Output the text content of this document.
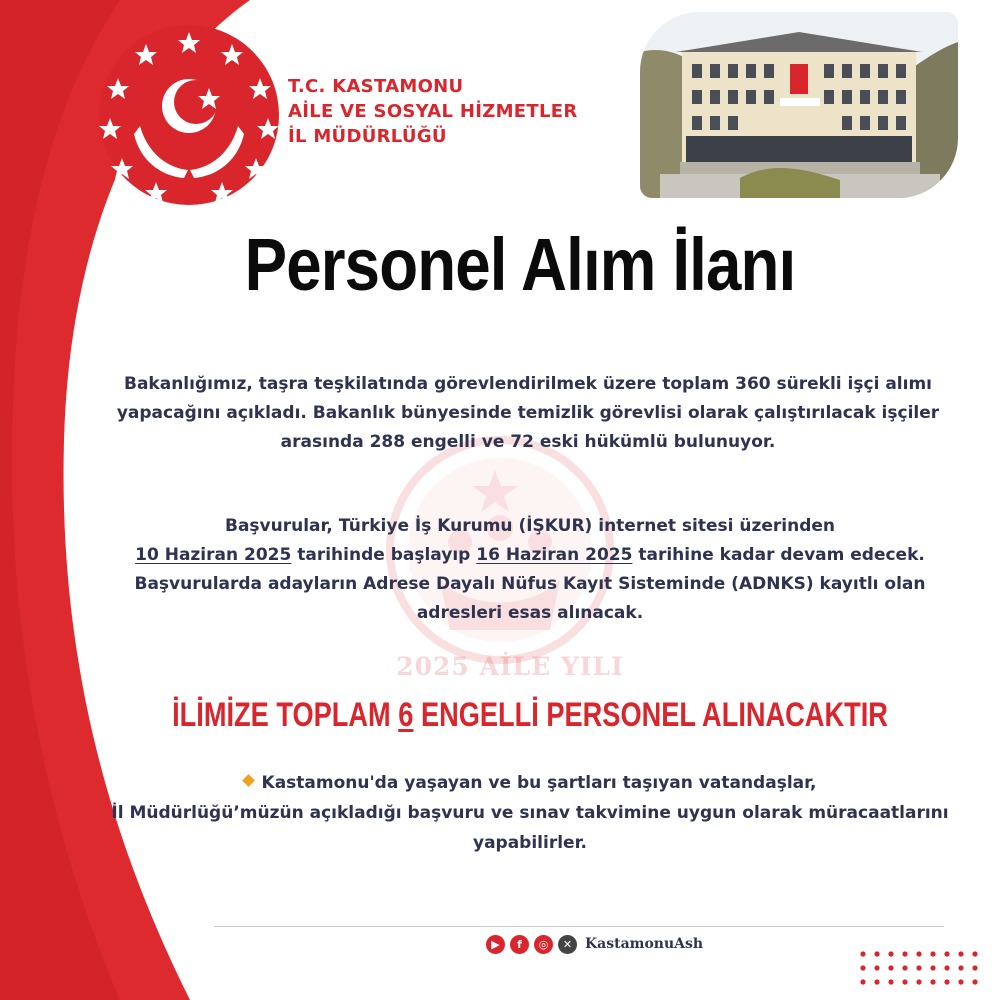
2025 AİLE YILI
T.C. KASTAMONU
AİLE VE SOSYAL HİZMETLER
İL MÜDÜRLÜĞÜ
Personel Alım İlanı
Bakanlığımız, taşra teşkilatında görevlendirilmek üzere toplam 360 sürekli işçi alımı yapacağını açıkladı. Bakanlık bünyesinde temizlik görevlisi olarak çalıştırılacak işçiler arasında 288 engelli ve 72 eski hükümlü bulunuyor.
Başvurular, Türkiye İş Kurumu (İŞKUR) internet sitesi üzerinden
10 Haziran 2025 tarihinde başlayıp 16 Haziran 2025 tarihine kadar devam edecek. Başvurularda adayların Adrese Dayalı Nüfus Kayıt Sisteminde (ADNKS) kayıtlı olan adresleri esas alınacak.
İLİMİZE TOPLAM 6 ENGELLİ PERSONEL ALINACAKTIR
Kastamonu'da yaşayan ve bu şartları taşıyan vatandaşlar,
İl Müdürlüğü’müzün açıkladığı başvuru ve sınav takvimine uygun olarak müracaatlarını yapabilirler.
▶	f	◎	✕ KastamonuAsh
